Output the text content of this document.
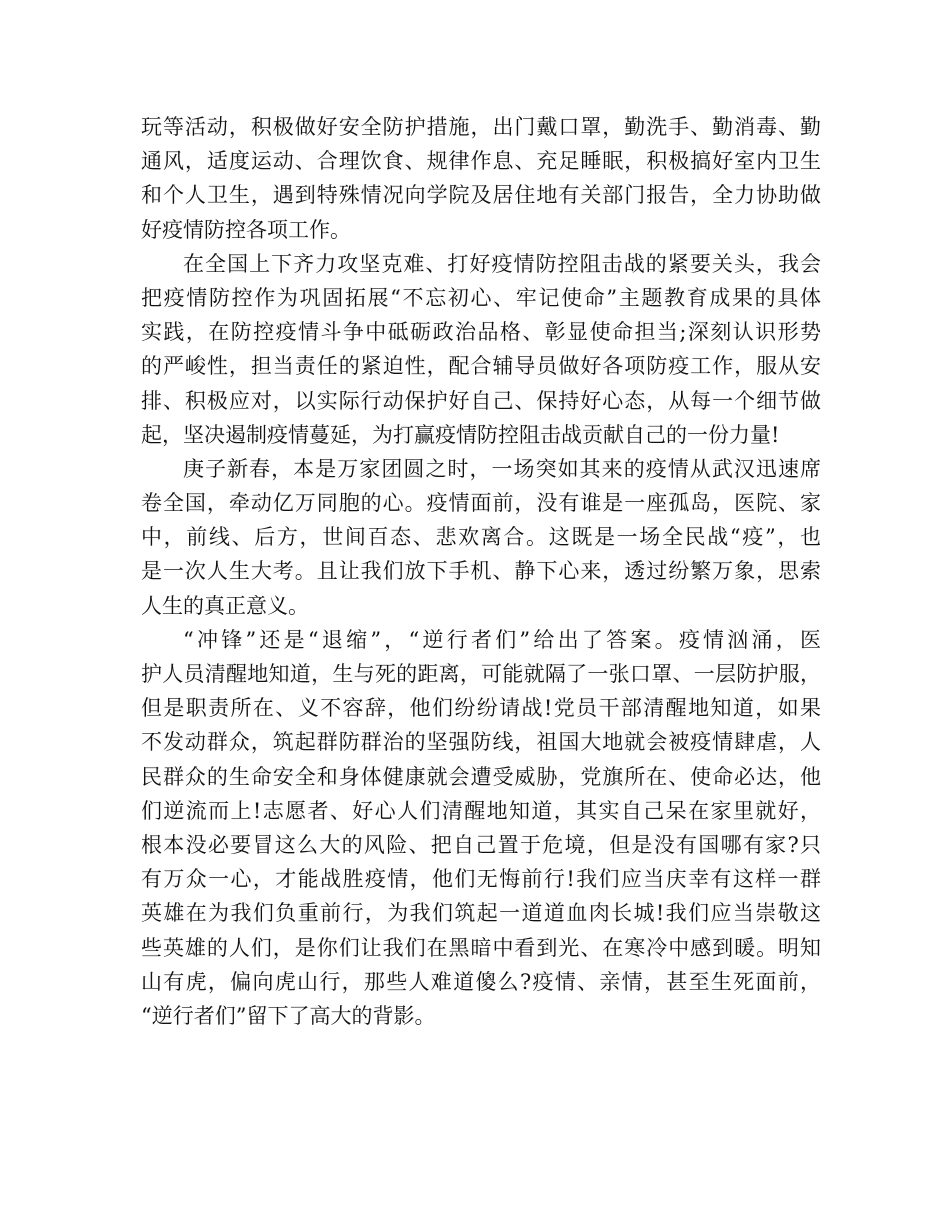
玩等活动，积极做好安全防护措施，出门戴口罩，勤洗手、勤消毒、勤
通风，适度运动、合理饮食、规律作息、充足睡眠，积极搞好室内卫生
和个人卫生，遇到特殊情况向学院及居住地有关部门报告，全力协助做
好疫情防控各项工作。
在全国上下齐力攻坚克难、打好疫情防控阻击战的紧要关头，我会
把疫情防控作为巩固拓展“不忘初心、牢记使命”主题教育成果的具体
实践，在防控疫情斗争中砥砺政治品格、彰显使命担当;深刻认识形势
的严峻性，担当责任的紧迫性，配合辅导员做好各项防疫工作，服从安
排、积极应对，以实际行动保护好自己、保持好心态，从每一个细节做
起，坚决遏制疫情蔓延，为打赢疫情防控阻击战贡献自己的一份力量!
庚子新春，本是万家团圆之时，一场突如其来的疫情从武汉迅速席
卷全国，牵动亿万同胞的心。疫情面前，没有谁是一座孤岛，医院、家
中，前线、后方，世间百态、悲欢离合。这既是一场全民战“疫”，也
是一次人生大考。且让我们放下手机、静下心来，透过纷繁万象，思索
人生的真正意义。
“冲锋”还是“退缩”，“逆行者们”给出了答案。疫情汹涌，医
护人员清醒地知道，生与死的距离，可能就隔了一张口罩、一层防护服，
但是职责所在、义不容辞，他们纷纷请战!党员干部清醒地知道，如果
不发动群众，筑起群防群治的坚强防线，祖国大地就会被疫情肆虐，人
民群众的生命安全和身体健康就会遭受威胁，党旗所在、使命必达，他
们逆流而上!志愿者、好心人们清醒地知道，其实自己呆在家里就好，
根本没必要冒这么大的风险、把自己置于危境，但是没有国哪有家?只
有万众一心，才能战胜疫情，他们无悔前行!我们应当庆幸有这样一群
英雄在为我们负重前行，为我们筑起一道道血肉长城!我们应当崇敬这
些英雄的人们，是你们让我们在黑暗中看到光、在寒冷中感到暖。明知
山有虎，偏向虎山行，那些人难道傻么?疫情、亲情，甚至生死面前，
“逆行者们”留下了高大的背影。
